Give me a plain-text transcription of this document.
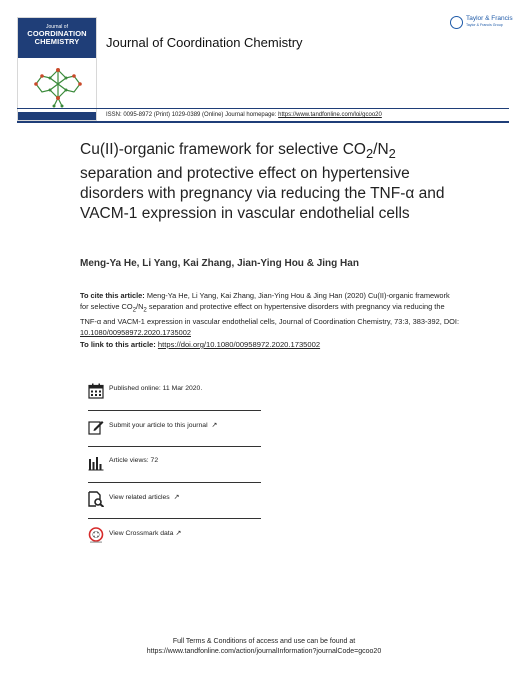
Journal of
COORDINATION
CHEMISTRY	Journal of Coordination Chemistry
Taylor & Francis
Taylor & Francis Group
ISSN: 0095-8972 (Print) 1029-0389 (Online) Journal homepage: https://www.tandfonline.com/loi/gcoo20
Cu(II)-organic framework for selective $CO_2/N_2$ separation and protective effect on hypertensive disorders with pregnancy via reducing the TNF-α and VACM-1 expression in vascular endothelial cells
Meng-Ya He, Li Yang, Kai Zhang, Jian-Ying Hou & Jing Han
To cite this article: Meng-Ya He, Li Yang, Kai Zhang, Jian-Ying Hou & Jing Han (2020) Cu(II)-organic framework for selective $CO_2/N_2$ separation and protective effect on hypertensive disorders with pregnancy via reducing the TNF-α and VACM-1 expression in vascular endothelial cells, Journal of Coordination Chemistry, 73:3, 383-392, DOI: 10.1080/00958972.2020.1735002
To link to this article: https://doi.org/10.1080/00958972.2020.1735002
Published online: 11 Mar 2020.
Submit your article to this journal ↗
Article views: 72
View related articles ↗
View Crossmark data ↗
Full Terms & Conditions of access and use can be found at
https://www.tandfonline.com/action/journalInformation?journalCode=gcoo20
